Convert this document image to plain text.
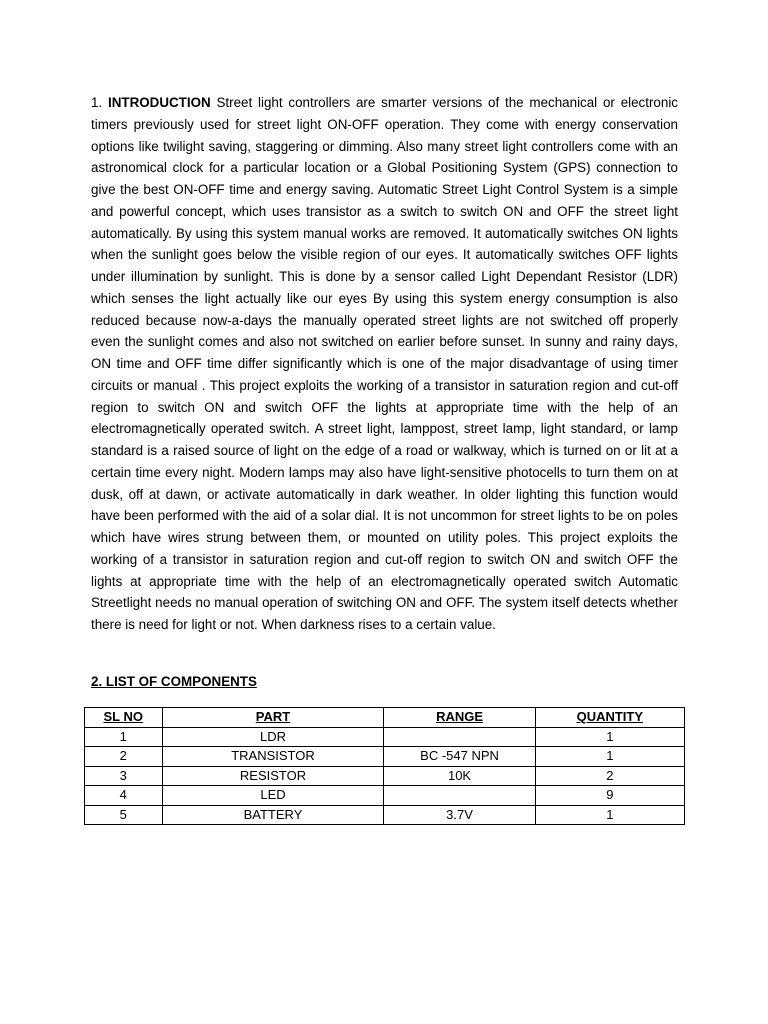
1. INTRODUCTION Street light controllers are smarter versions of the mechanical or electronic timers previously used for street light ON-OFF operation. They come with energy conservation options like twilight saving, staggering or dimming. Also many street light controllers come with an astronomical clock for a particular location or a Global Positioning System (GPS) connection to give the best ON-OFF time and energy saving. Automatic Street Light Control System is a simple and powerful concept, which uses transistor as a switch to switch ON and OFF the street light automatically. By using this system manual works are removed. It automatically switches ON lights when the sunlight goes below the visible region of our eyes. It automatically switches OFF lights under illumination by sunlight. This is done by a sensor called Light Dependant Resistor (LDR) which senses the light actually like our eyes By using this system energy consumption is also reduced because now-a-days the manually operated street lights are not switched off properly even the sunlight comes and also not switched on earlier before sunset. In sunny and rainy days, ON time and OFF time differ significantly which is one of the major disadvantage of using timer circuits or manual . This project exploits the working of a transistor in saturation region and cut-off region to switch ON and switch OFF the lights at appropriate time with the help of an electromagnetically operated switch. A street light, lamppost, street lamp, light standard, or lamp standard is a raised source of light on the edge of a road or walkway, which is turned on or lit at a certain time every night. Modern lamps may also have light-sensitive photocells to turn them on at dusk, off at dawn, or activate automatically in dark weather. In older lighting this function would have been performed with the aid of a solar dial. It is not uncommon for street lights to be on poles which have wires strung between them, or mounted on utility poles. This project exploits the working of a transistor in saturation region and cut-off region to switch ON and switch OFF the lights at appropriate time with the help of an electromagnetically operated switch Automatic Streetlight needs no manual operation of switching ON and OFF. The system itself detects whether there is need for light or not. When darkness rises to a certain value.

2. LIST OF COMPONENTS

SL NO	PART	RANGE	QUANTITY
1	LDR		1
2	TRANSISTOR	BC -547 NPN	1
3	RESISTOR	10K	2
4	LED		9
5	BATTERY	3.7V	1
